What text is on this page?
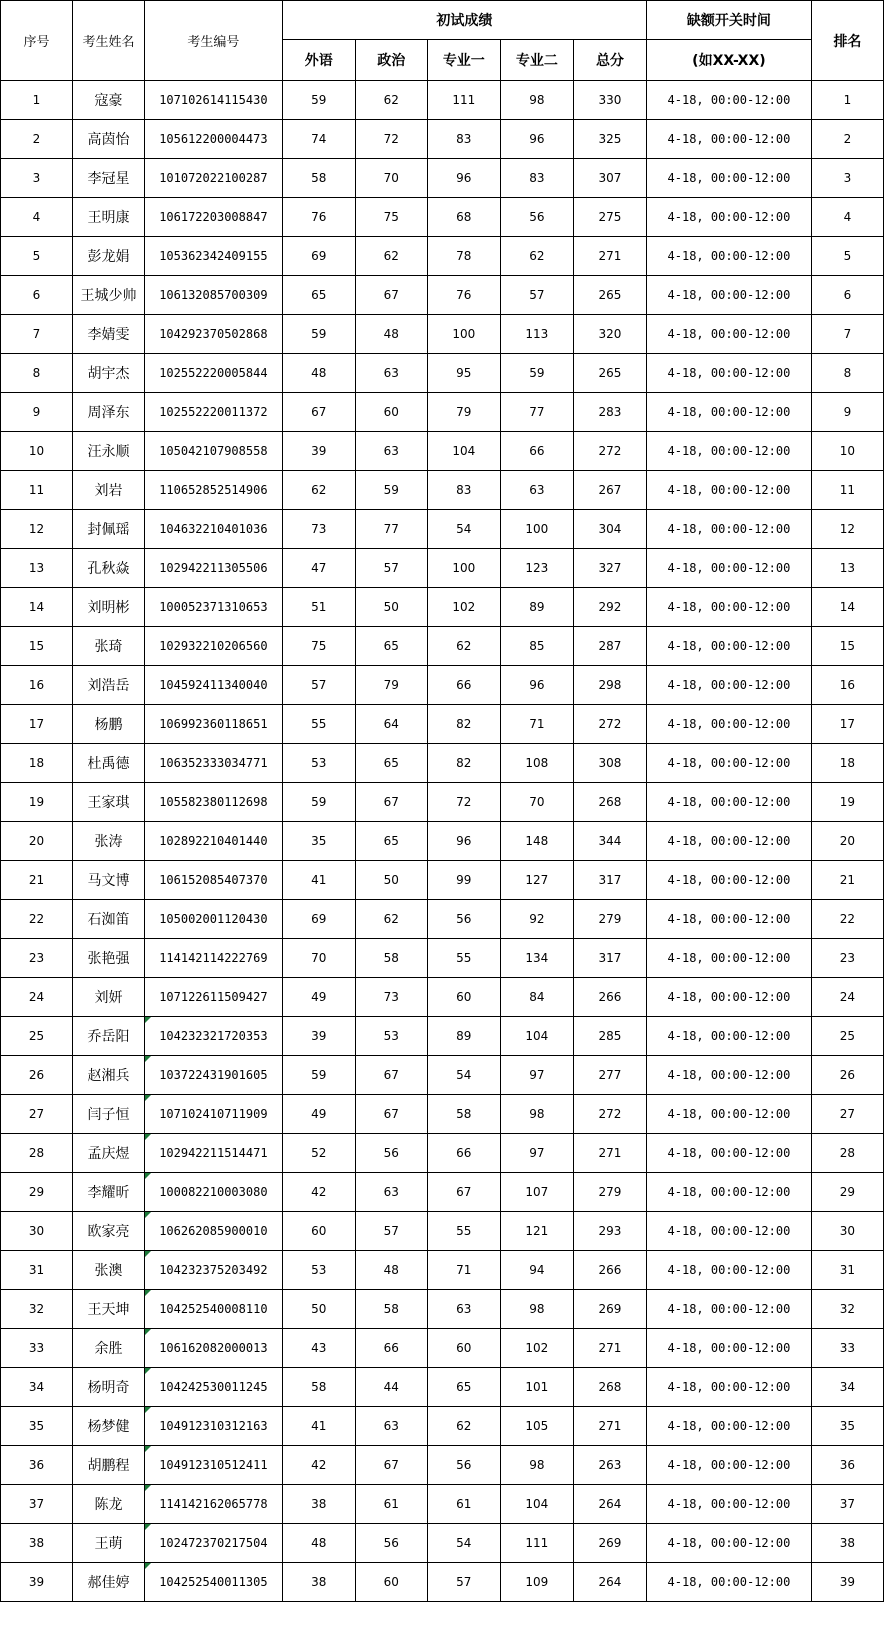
序号	考生姓名	考生编号	初试成绩					缺额开关时间	排名
			外语	政治	专业一	专业二	总分	(如XX-XX)	
1	寇豪	107102614115430	59	62	111	98	330	4-18, 00:00-12:00	1
2	高茵怡	105612200004473	74	72	83	96	325	4-18, 00:00-12:00	2
3	李冠星	101072022100287	58	70	96	83	307	4-18, 00:00-12:00	3
4	王明康	106172203008847	76	75	68	56	275	4-18, 00:00-12:00	4
5	彭龙娟	105362342409155	69	62	78	62	271	4-18, 00:00-12:00	5
6	王城少帅	106132085700309	65	67	76	57	265	4-18, 00:00-12:00	6
7	李婧雯	104292370502868	59	48	100	113	320	4-18, 00:00-12:00	7
8	胡宇杰	102552220005844	48	63	95	59	265	4-18, 00:00-12:00	8
9	周泽东	102552220011372	67	60	79	77	283	4-18, 00:00-12:00	9
10	汪永顺	105042107908558	39	63	104	66	272	4-18, 00:00-12:00	10
11	刘岩	110652852514906	62	59	83	63	267	4-18, 00:00-12:00	11
12	封佩瑶	104632210401036	73	77	54	100	304	4-18, 00:00-12:00	12
13	孔秋焱	102942211305506	47	57	100	123	327	4-18, 00:00-12:00	13
14	刘明彬	100052371310653	51	50	102	89	292	4-18, 00:00-12:00	14
15	张琦	102932210206560	75	65	62	85	287	4-18, 00:00-12:00	15
16	刘浩岳	104592411340040	57	79	66	96	298	4-18, 00:00-12:00	16
17	杨鹏	106992360118651	55	64	82	71	272	4-18, 00:00-12:00	17
18	杜禹德	106352333034771	53	65	82	108	308	4-18, 00:00-12:00	18
19	王家琪	105582380112698	59	67	72	70	268	4-18, 00:00-12:00	19
20	张涛	102892210401440	35	65	96	148	344	4-18, 00:00-12:00	20
21	马文博	106152085407370	41	50	99	127	317	4-18, 00:00-12:00	21
22	石洳笛	105002001120430	69	62	56	92	279	4-18, 00:00-12:00	22
23	张艳强	114142114222769	70	58	55	134	317	4-18, 00:00-12:00	23
24	刘妍	107122611509427	49	73	60	84	266	4-18, 00:00-12:00	24
25	乔岳阳	104232321720353	39	53	89	104	285	4-18, 00:00-12:00	25
26	赵湘兵	103722431901605	59	67	54	97	277	4-18, 00:00-12:00	26
27	闫子恒	107102410711909	49	67	58	98	272	4-18, 00:00-12:00	27
28	孟庆煜	102942211514471	52	56	66	97	271	4-18, 00:00-12:00	28
29	李耀昕	100082210003080	42	63	67	107	279	4-18, 00:00-12:00	29
30	欧家亮	106262085900010	60	57	55	121	293	4-18, 00:00-12:00	30
31	张澳	104232375203492	53	48	71	94	266	4-18, 00:00-12:00	31
32	王天坤	104252540008110	50	58	63	98	269	4-18, 00:00-12:00	32
33	余胜	106162082000013	43	66	60	102	271	4-18, 00:00-12:00	33
34	杨明奇	104242530011245	58	44	65	101	268	4-18, 00:00-12:00	34
35	杨梦健	104912310312163	41	63	62	105	271	4-18, 00:00-12:00	35
36	胡鹏程	104912310512411	42	67	56	98	263	4-18, 00:00-12:00	36
37	陈龙	114142162065778	38	61	61	104	264	4-18, 00:00-12:00	37
38	王萌	102472370217504	48	56	54	111	269	4-18, 00:00-12:00	38
39	郝佳婷	104252540011305	38	60	57	109	264	4-18, 00:00-12:00	39
